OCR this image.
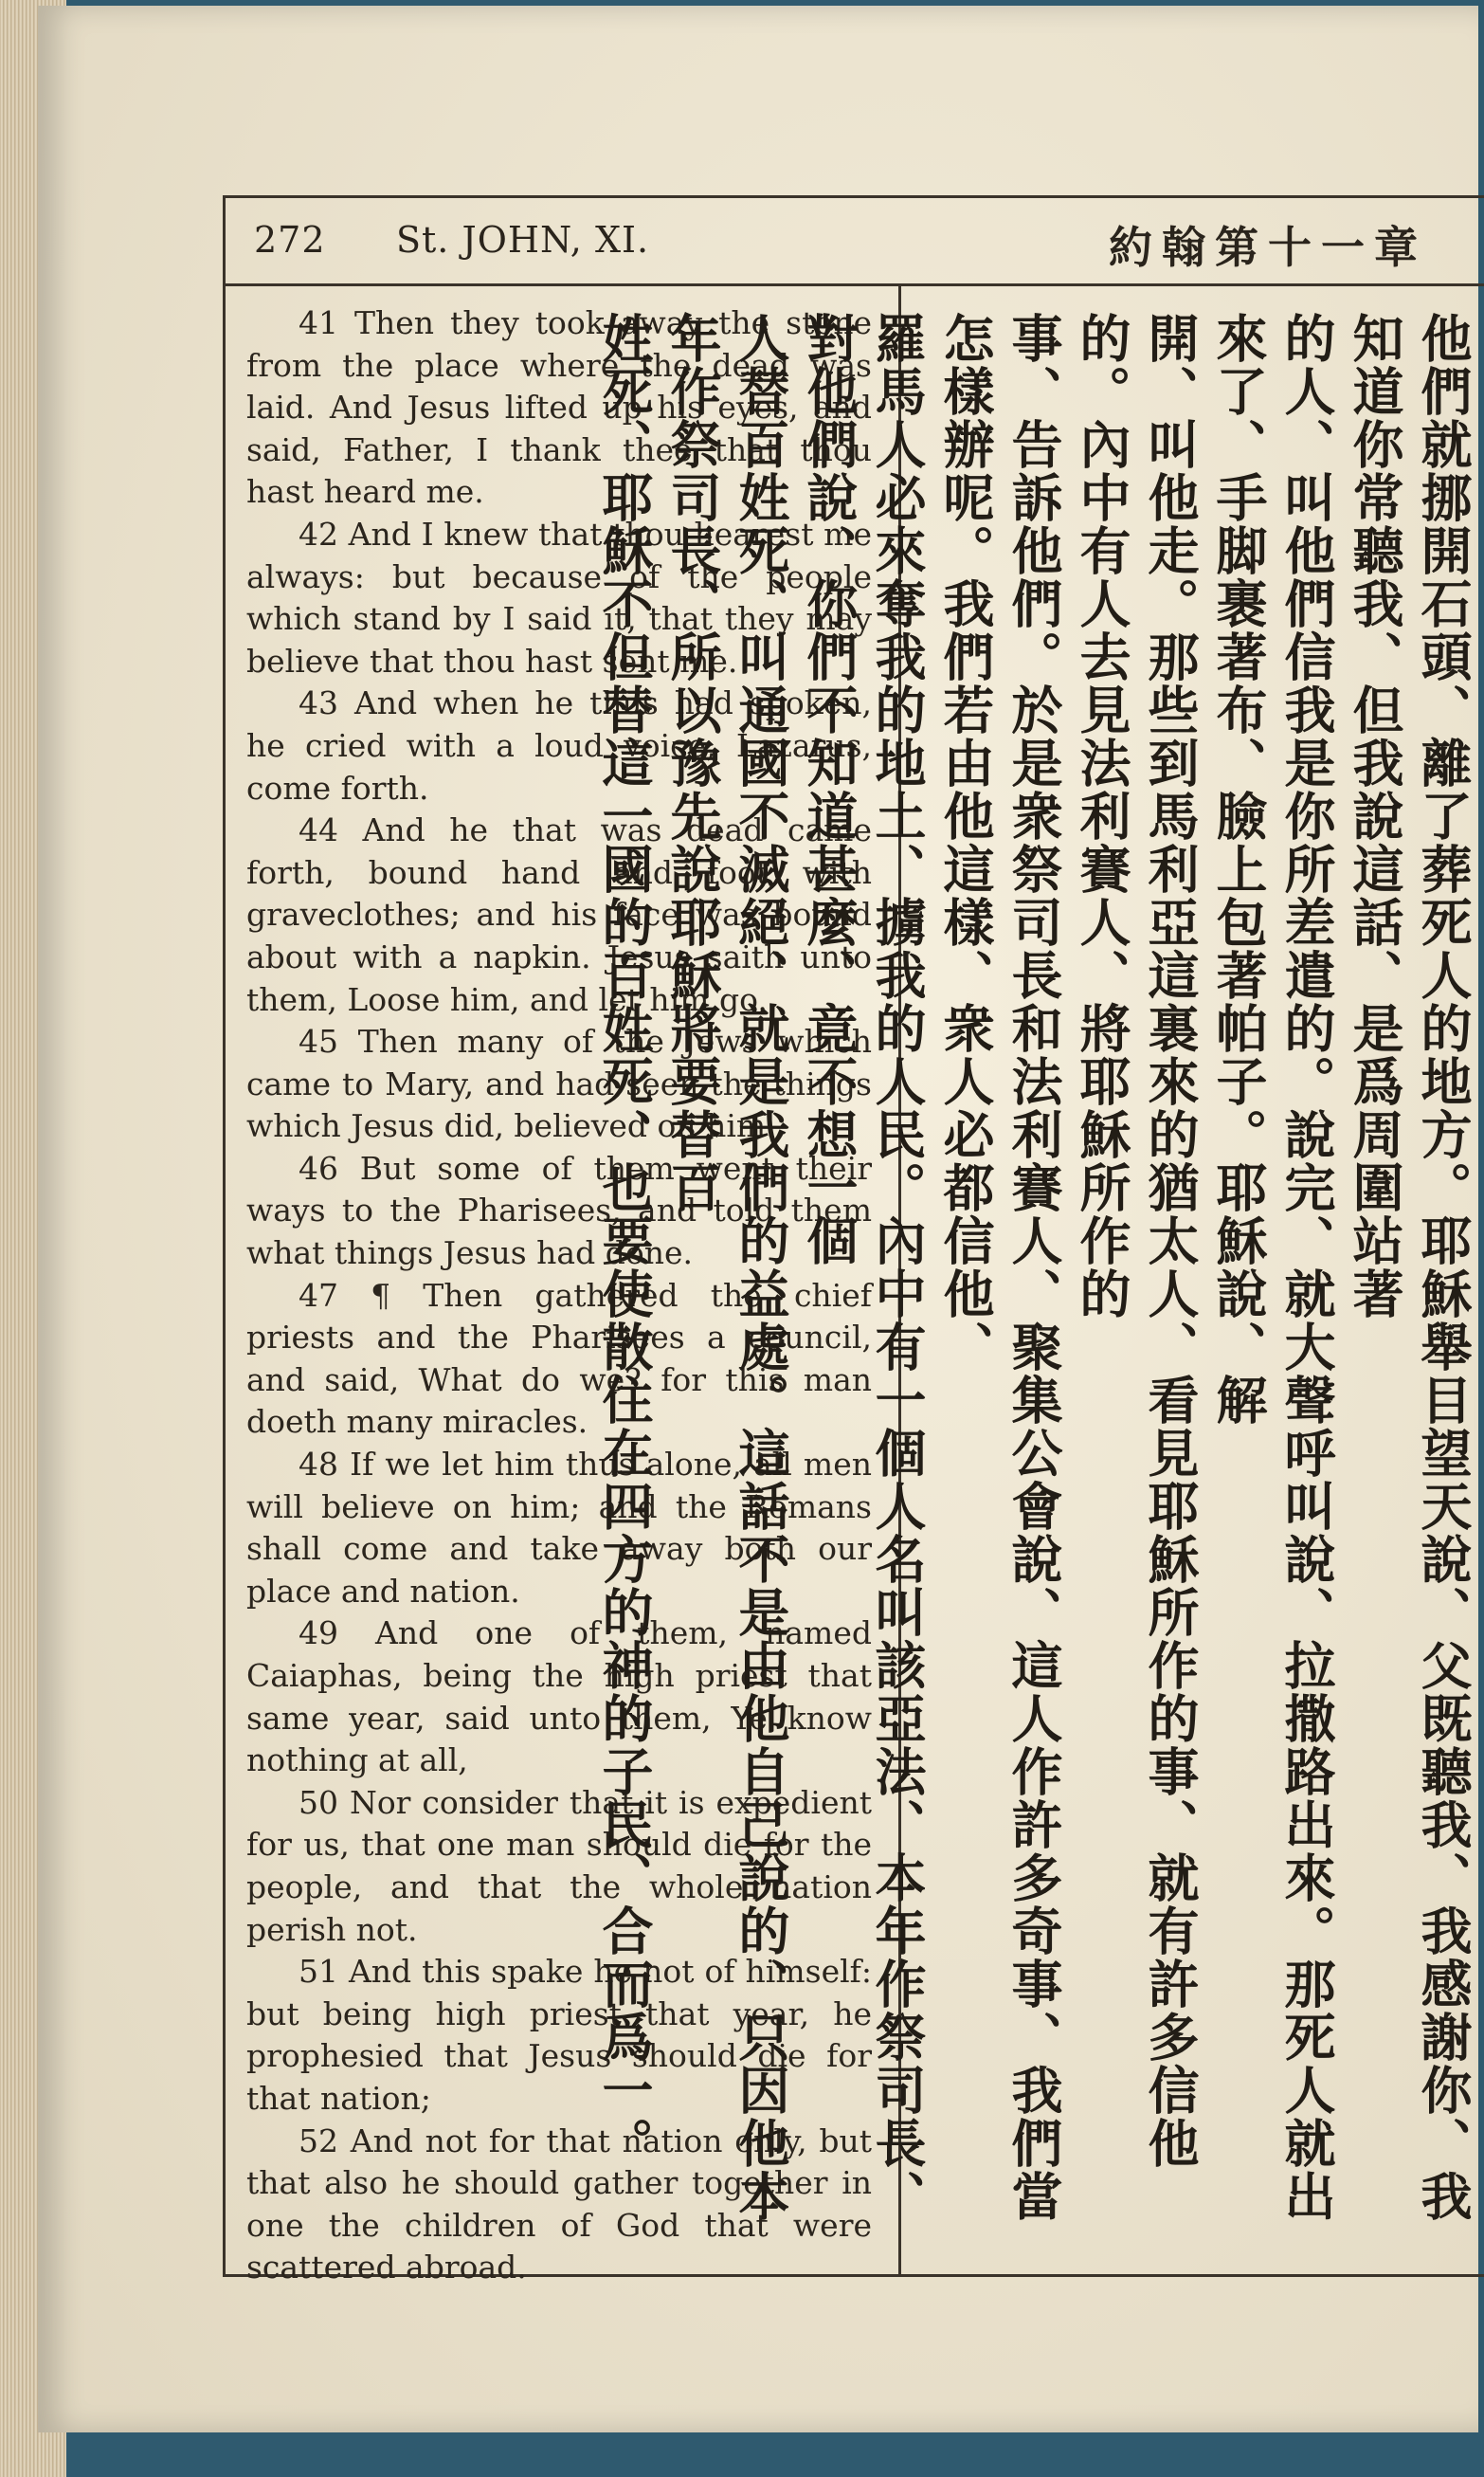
272 St. JOHN, XI.	約翰第十一章

41 Then they took away the stone from the place where the dead was laid. And Jesus lifted up his eyes, and said, Father, I thank thee that thou hast heard me.

42 And I knew that thou hearest me always: but because of the people which stand by I said it, that they may believe that thou hast sent me.

43 And when he thus had spoken, he cried with a loud voice, Lazarus, come forth.

44 And he that was dead came forth, bound hand and foot with graveclothes; and his face was bound about with a napkin. Jesus saith unto them, Loose him, and let him go.

45 Then many of the Jews which came to Mary, and had seen the things which Jesus did, believed on him.

46 But some of them went their ways to the Pharisees, and told them what things Jesus had done.

47 ¶ Then gathered the chief priests and the Pharisees a council, and said, What do we? for this man doeth many miracles.

48 If we let him thus alone, all men will believe on him; and the Romans shall come and take away both our place and nation.

49 And one of them, named Caiaphas, being the high priest that same year, said unto them, Ye know nothing at all,

50 Nor consider that it is expedient for us, that one man should die for the people, and that the whole nation perish not.

51 And this spake he not of himself: but being high priest that year, he prophesied that Jesus should die for that nation;

52 And not for that nation only, but that also he should gather together in one the children of God that were scattered abroad.

他們就挪開石頭、離了葬死人的地方。耶穌舉目望天說、父既聽我、我感謝你、我知道你常聽我、但我說這話、是爲周圍站著

的人、叫他們信我是你所差遣的。說完、就大聲呼叫說、拉撒路出來。那死人就出來了、手脚裹著布、臉上包著帕子。耶穌說、解

開、叫他走。那些到馬利亞這裏來的猶太人、看見耶穌所作的事、就有許多信他的。內中有人去見法利賽人、將耶穌所作的

事、告訴他們。於是衆祭司長和法利賽人、聚集公會說、這人作許多奇事、我們當怎樣辦呢。我們若由他這樣、衆人必都信他、

羅馬人必來奪我的地土、擄我的人民。內中有一個人名叫該亞法、本年作祭司長、對他們說、你們不知道甚麼、竟不想一個

人替百姓死、叫通國不滅絕、就是我們的益處。這話不是由他自己說的、只因他本年作祭司長、所以豫先說耶穌將要替百

姓死、耶穌不但替這一國的百姓死、也要使散住在四方的神的子民、合而爲一。
